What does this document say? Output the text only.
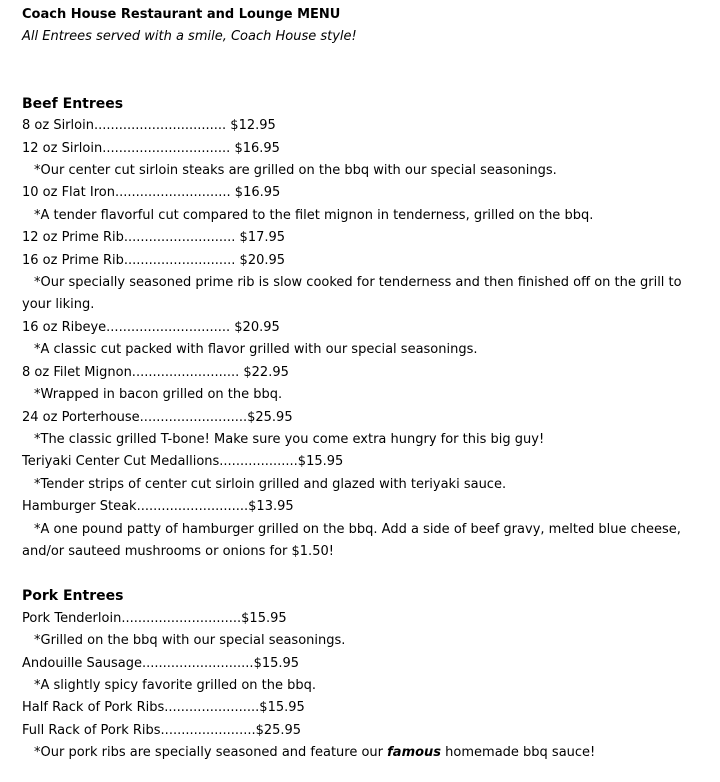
Coach House Restaurant and Lounge MENU
All Entrees served with a smile, Coach House style!
Beef Entrees
8 oz Sirloin................................ $12.95
12 oz Sirloin............................... $16.95
*Our center cut sirloin steaks are grilled on the bbq with our special seasonings.
10 oz Flat Iron............................ $16.95
*A tender flavorful cut compared to the filet mignon in tenderness, grilled on the bbq.
12 oz Prime Rib........................... $17.95
16 oz Prime Rib........................... $20.95
*Our specially seasoned prime rib is slow cooked for tenderness and then finished off on the grill to your liking.
16 oz Ribeye.............................. $20.95
*A classic cut packed with flavor grilled with our special seasonings.
8 oz Filet Mignon.......................... $22.95
*Wrapped in bacon grilled on the bbq.
24 oz Porterhouse..........................$25.95
*The classic grilled T-bone! Make sure you come extra hungry for this big guy!
Teriyaki Center Cut Medallions...................$15.95
*Tender strips of center cut sirloin grilled and glazed with teriyaki sauce.
Hamburger Steak...........................$13.95
*A one pound patty of hamburger grilled on the bbq. Add a side of beef gravy, melted blue cheese, and/or sauteed mushrooms or onions for $1.50!
Pork Entrees
Pork Tenderloin.............................$15.95
*Grilled on the bbq with our special seasonings.
Andouille Sausage...........................$15.95
*A slightly spicy favorite grilled on the bbq.
Half Rack of Pork Ribs.......................$15.95
Full Rack of Pork Ribs.......................$25.95
*Our pork ribs are specially seasoned and feature our famous homemade bbq sauce!
